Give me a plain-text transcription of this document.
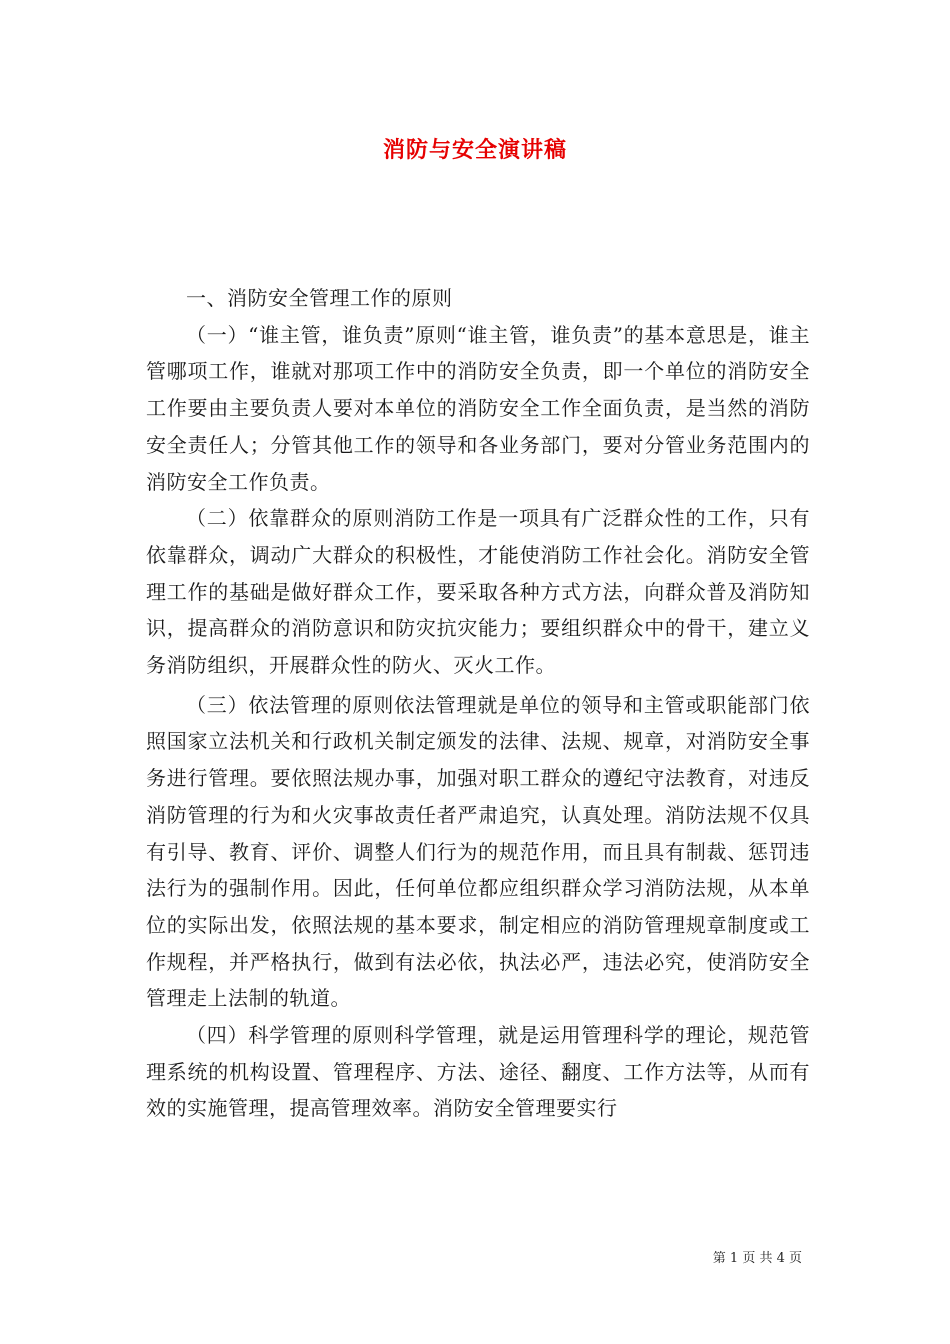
消防与安全演讲稿

一、消防安全管理工作的原则

（一）“谁主管，谁负责”原则“谁主管，谁负责”的基本意思是，谁主管哪项工作，谁就对那项工作中的消防安全负责，即一个单位的消防安全工作要由主要负责人要对本单位的消防安全工作全面负责，是当然的消防安全责任人；分管其他工作的领导和各业务部门，要对分管业务范围内的消防安全工作负责。

（二）依靠群众的原则消防工作是一项具有广泛群众性的工作，只有依靠群众，调动广大群众的积极性，才能使消防工作社会化。消防安全管理工作的基础是做好群众工作，要采取各种方式方法，向群众普及消防知识，提高群众的消防意识和防灾抗灾能力；要组织群众中的骨干，建立义务消防组织，开展群众性的防火、灭火工作。

（三）依法管理的原则依法管理就是单位的领导和主管或职能部门依照国家立法机关和行政机关制定颁发的法律、法规、规章，对消防安全事务进行管理。要依照法规办事，加强对职工群众的遵纪守法教育，对违反消防管理的行为和火灾事故责任者严肃追究，认真处理。消防法规不仅具有引导、教育、评价、调整人们行为的规范作用，而且具有制裁、惩罚违法行为的强制作用。因此，任何单位都应组织群众学习消防法规，从本单位的实际出发，依照法规的基本要求，制定相应的消防管理规章制度或工作规程，并严格执行，做到有法必依，执法必严，违法必究，使消防安全管理走上法制的轨道。

（四）科学管理的原则科学管理，就是运用管理科学的理论，规范管理系统的机构设置、管理程序、方法、途径、翻度、工作方法等，从而有效的实施管理，提高管理效率。消防安全管理要实行

第 1 页 共 4 页
